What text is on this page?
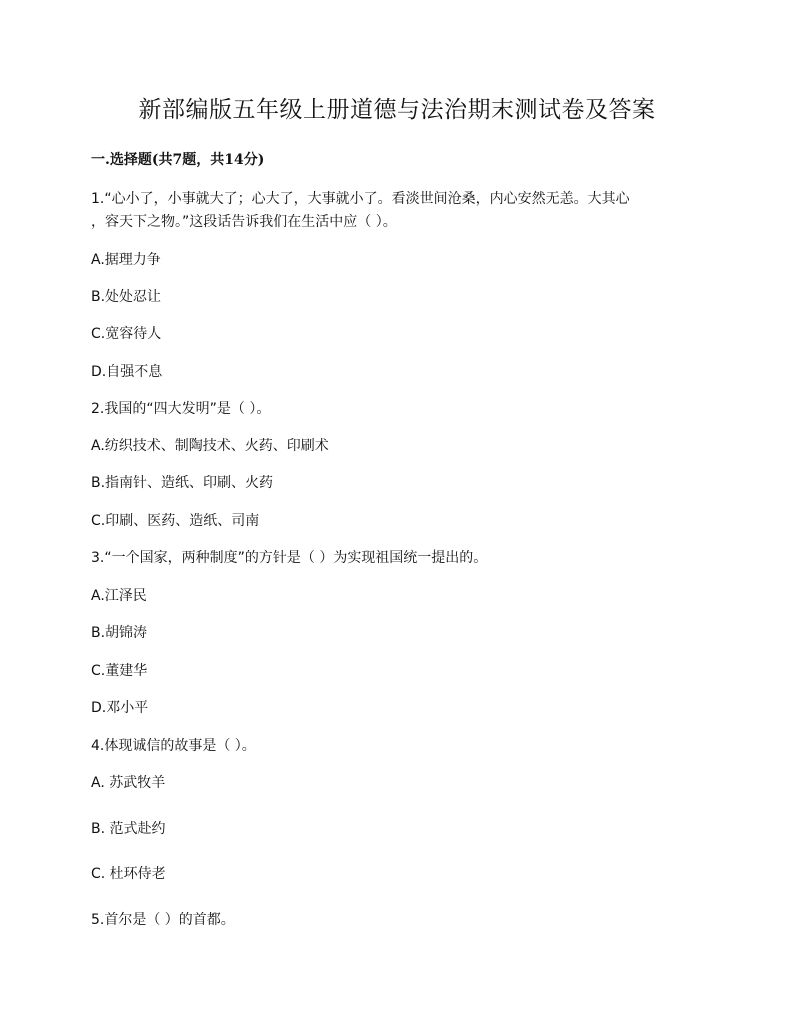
新部编版五年级上册道德与法治期末测试卷及答案
一.选择题(共7题，共14分)

1.“心小了，小事就大了；心大了，大事就小了。看淡世间沧桑，内心安然无恙。大其心

，容天下之物。”这段话告诉我们在生活中应（ ）。

A.据理力争

B.处处忍让

C.宽容待人

D.自强不息

2.我国的“四大发明”是（ ）。

A.纺织技术、制陶技术、火药、印刷术

B.指南针、造纸、印刷、火药

C.印刷、医药、造纸、司南

3.“一个国家，两种制度”的方针是（ ）为实现祖国统一提出的。

A.江泽民

B.胡锦涛

C.董建华

D.邓小平

4.体现诚信的故事是（ ）。

A. 苏武牧羊

B. 范式赴约

C. 杜环侍老

5.首尔是（ ）的首都。
